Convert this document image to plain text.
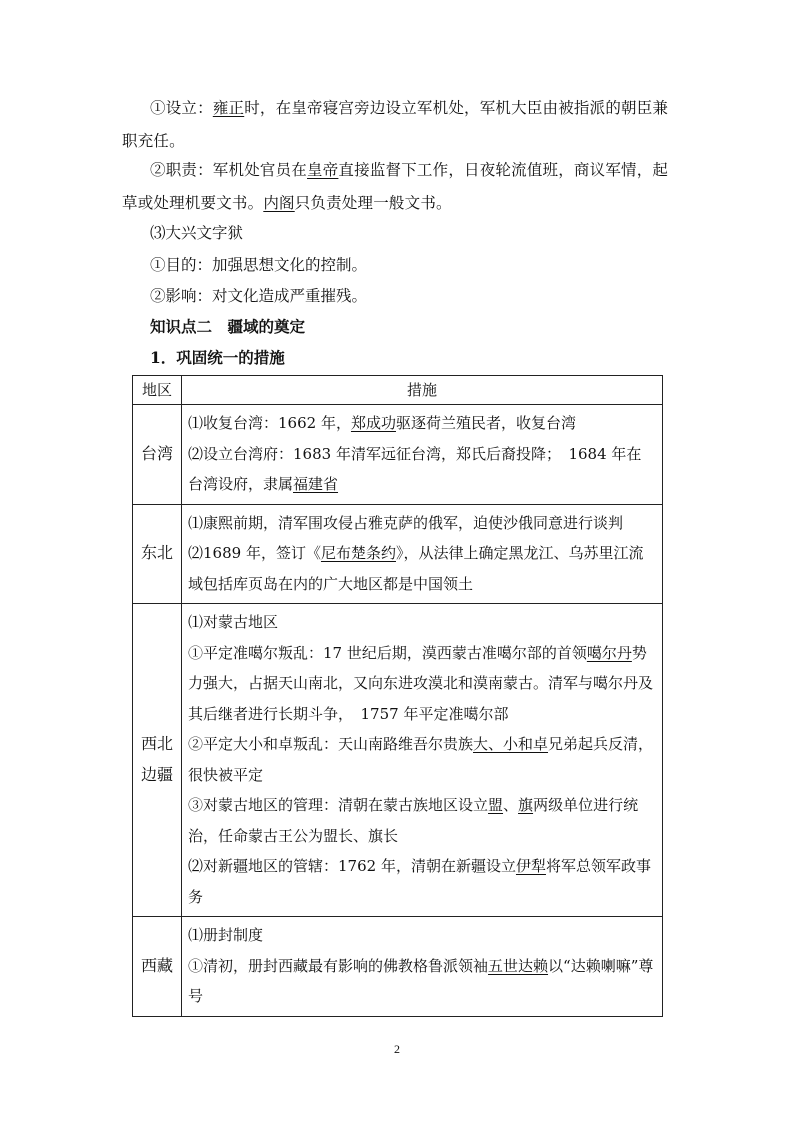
①设立：雍正时，在皇帝寝宫旁边设立军机处，军机大臣由被指派的朝臣兼职充任。
②职责：军机处官员在皇帝直接监督下工作，日夜轮流值班，商议军情，起草或处理机要文书。内阁只负责处理一般文书。
⑶大兴文字狱
①目的：加强思想文化的控制。
②影响：对文化造成严重摧残。
知识点二　疆域的奠定
1．巩固统一的措施
地区	措施
台湾	⑴收复台湾：1662 年，郑成功驱逐荷兰殖民者，收复台湾
⑵设立台湾府：1683 年清军远征台湾，郑氏后裔投降；　1684 年在台湾设府，隶属福建省

东北	⑴康熙前期，清军围攻侵占雅克萨的俄军，迫使沙俄同意进行谈判
⑵1689 年，签订《尼布楚条约》，从法律上确定黑龙江、乌苏里江流域包括库页岛在内的广大地区都是中国领土

西北
边疆	⑴对蒙古地区
①平定准噶尔叛乱：17 世纪后期，漠西蒙古准噶尔部的首领噶尔丹势力强大，占据天山南北，又向东进攻漠北和漠南蒙古。清军与噶尔丹及其后继者进行长期斗争，　1757 年平定准噶尔部
②平定大小和卓叛乱：天山南路维吾尔贵族大、小和卓兄弟起兵反清，很快被平定
③对蒙古地区的管理：清朝在蒙古族地区设立盟、旗两级单位进行统治，任命蒙古王公为盟长、旗长
⑵对新疆地区的管辖：1762 年，清朝在新疆设立伊犁将军总领军政事务

西藏	⑴册封制度
①清初，册封西藏最有影响的佛教格鲁派领袖五世达赖以“达赖喇嘛”尊号
2
